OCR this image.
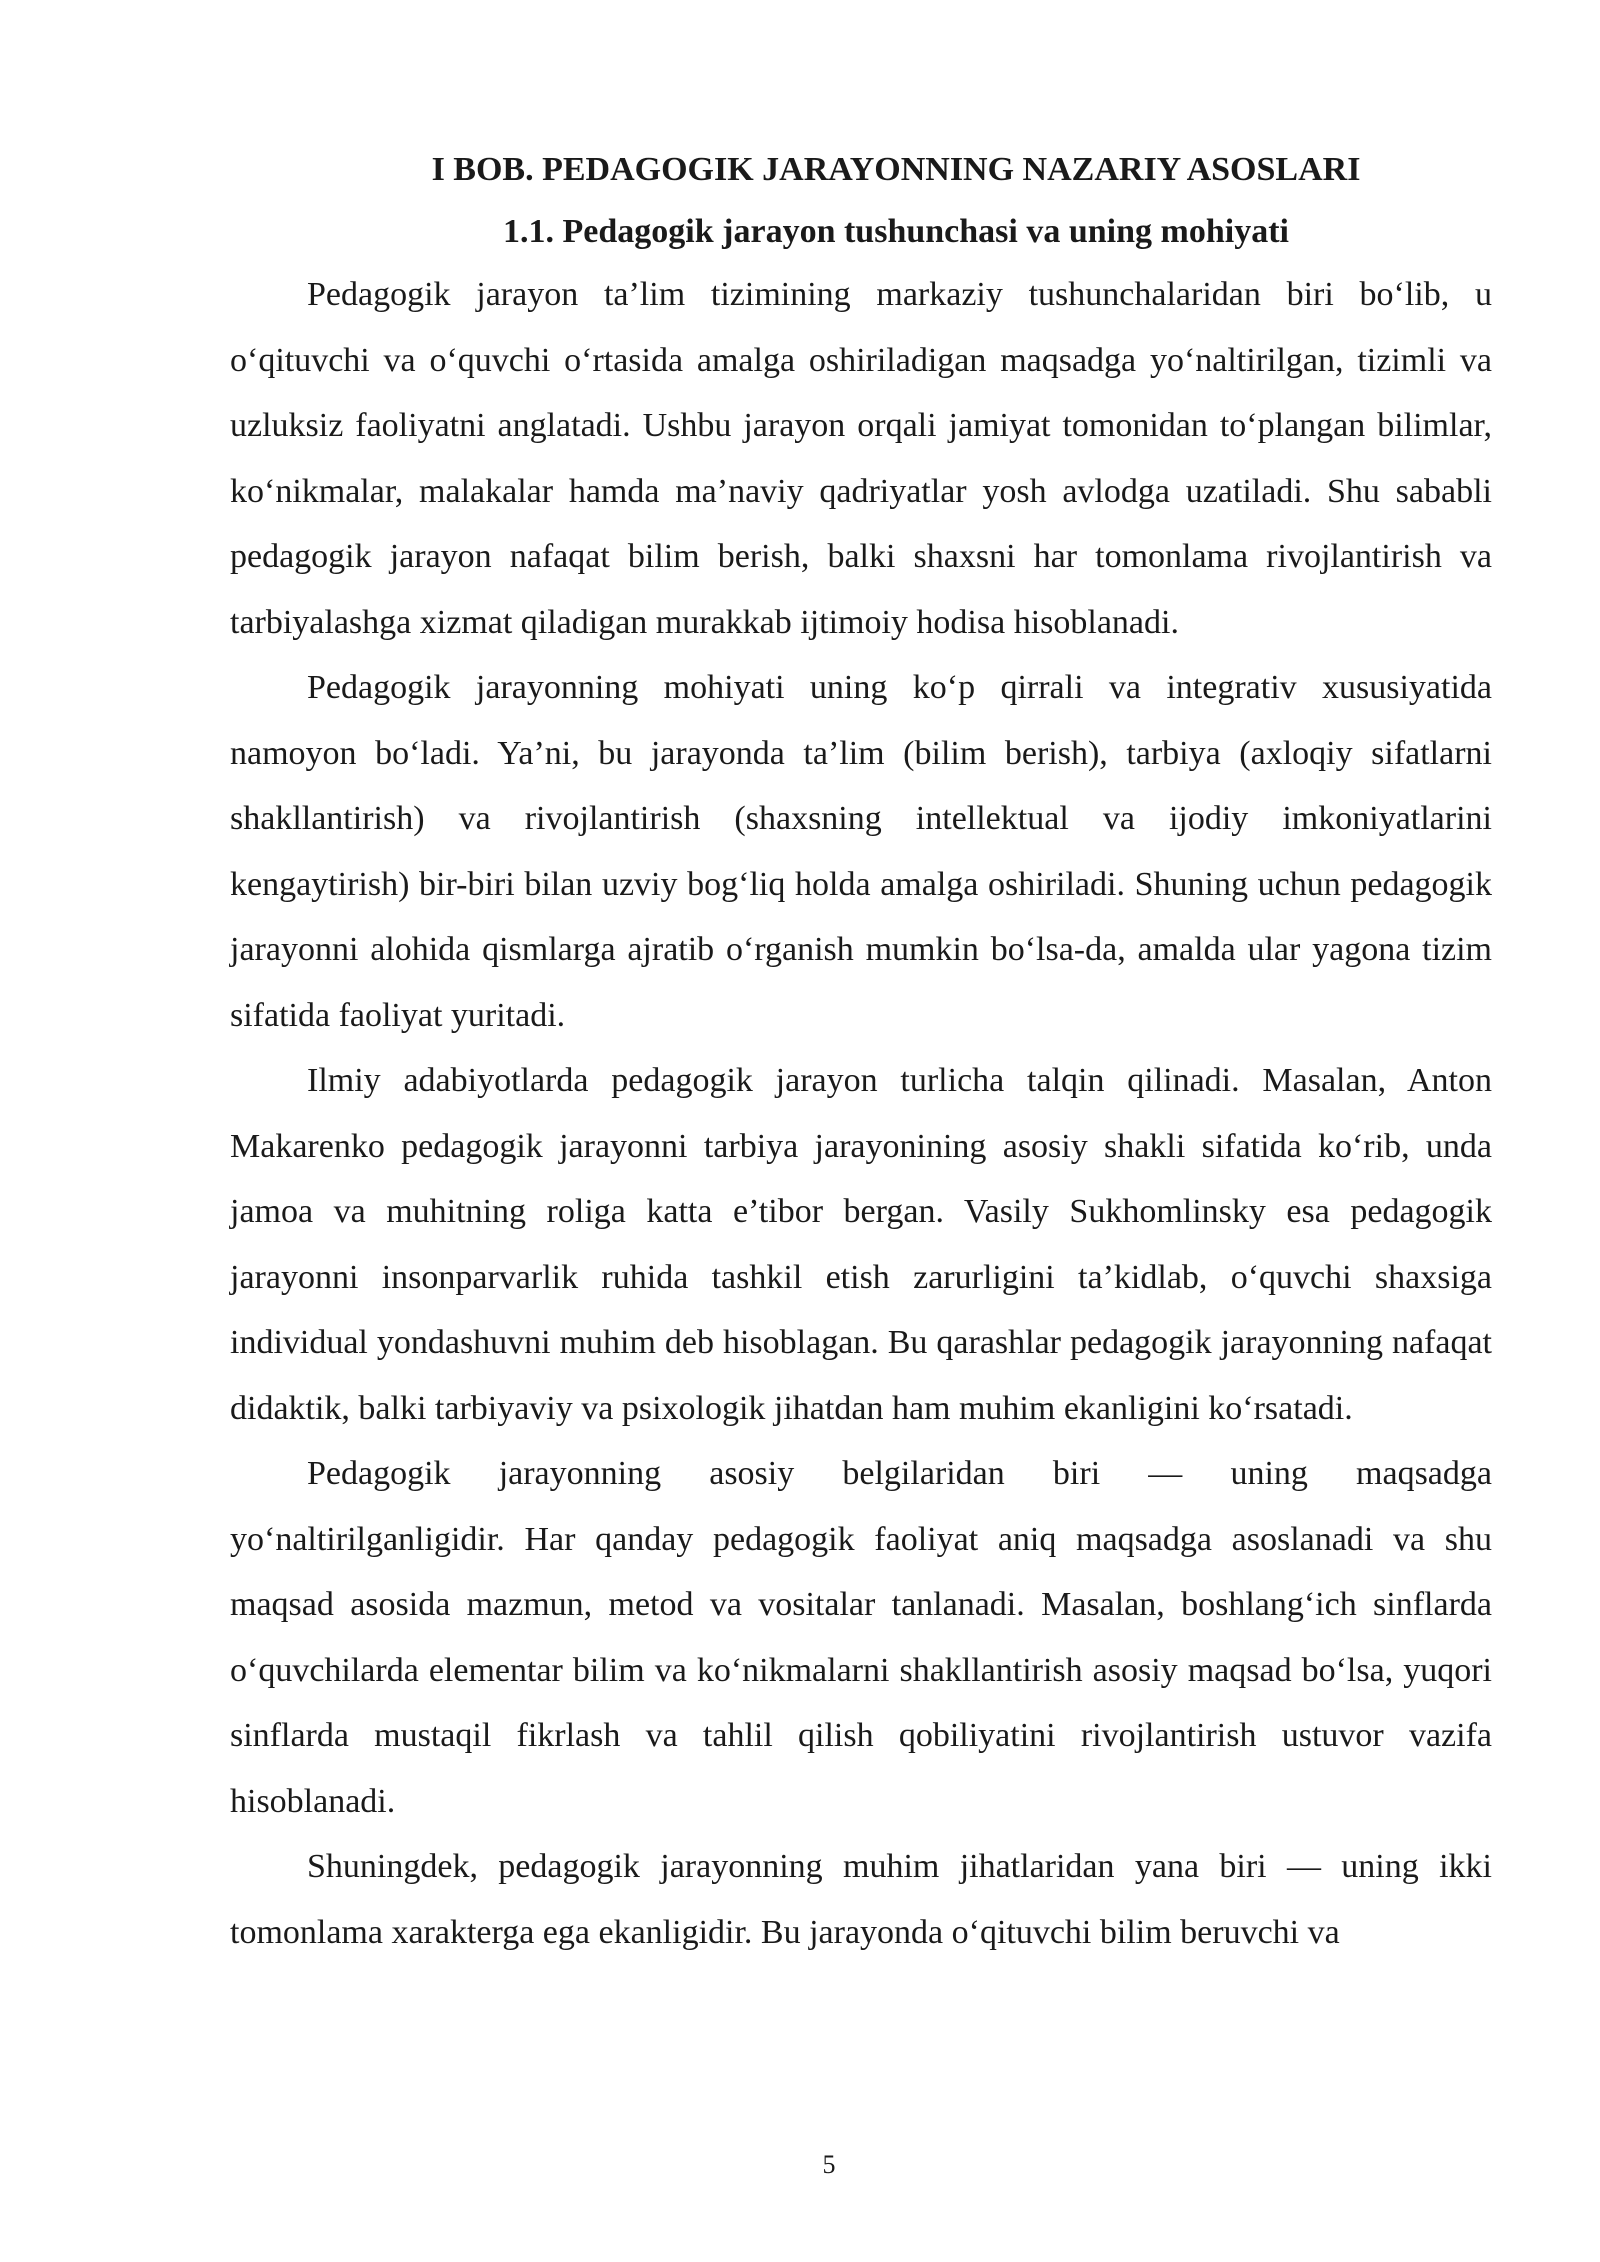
I BOB. PEDAGOGIK JARAYONNING NAZARIY ASOSLARI
1.1. Pedagogik jarayon tushunchasi va uning mohiyati

Pedagogik jarayon ta’lim tizimining markaziy tushunchalaridan biri bo‘lib, u o‘qituvchi va o‘quvchi o‘rtasida amalga oshiriladigan maqsadga yo‘naltirilgan, tizimli va uzluksiz faoliyatni anglatadi. Ushbu jarayon orqali jamiyat tomonidan to‘plangan bilimlar, ko‘nikmalar, malakalar hamda ma’naviy qadriyatlar yosh avlodga uzatiladi. Shu sababli pedagogik jarayon nafaqat bilim berish, balki shaxsni har tomonlama rivojlantirish va tarbiyalashga xizmat qiladigan murakkab ijtimoiy hodisa hisoblanadi.

Pedagogik jarayonning mohiyati uning ko‘p qirrali va integrativ xususiyatida namoyon bo‘ladi. Ya’ni, bu jarayonda ta’lim (bilim berish), tarbiya (axloqiy sifatlarni shakllantirish) va rivojlantirish (shaxsning intellektual va ijodiy imkoniyatlarini kengaytirish) bir-biri bilan uzviy bog‘liq holda amalga oshiriladi. Shuning uchun pedagogik jarayonni alohida qismlarga ajratib o‘rganish mumkin bo‘lsa-da, amalda ular yagona tizim sifatida faoliyat yuritadi.

Ilmiy adabiyotlarda pedagogik jarayon turlicha talqin qilinadi. Masalan, Anton Makarenko pedagogik jarayonni tarbiya jarayonining asosiy shakli sifatida ko‘rib, unda jamoa va muhitning roliga katta e’tibor bergan. Vasily Sukhomlinsky esa pedagogik jarayonni insonparvarlik ruhida tashkil etish zarurligini ta’kidlab, o‘quvchi shaxsiga individual yondashuvni muhim deb hisoblagan. Bu qarashlar pedagogik jarayonning nafaqat didaktik, balki tarbiyaviy va psixologik jihatdan ham muhim ekanligini ko‘rsatadi.

Pedagogik jarayonning asosiy belgilaridan biri — uning maqsadga yo‘naltirilganligidir. Har qanday pedagogik faoliyat aniq maqsadga asoslanadi va shu maqsad asosida mazmun, metod va vositalar tanlanadi. Masalan, boshlang‘ich sinflarda o‘quvchilarda elementar bilim va ko‘nikmalarni shakllantirish asosiy maqsad bo‘lsa, yuqori sinflarda mustaqil fikrlash va tahlil qilish qobiliyatini rivojlantirish ustuvor vazifa hisoblanadi.

Shuningdek, pedagogik jarayonning muhim jihatlaridan yana biri — uning ikki tomonlama xarakterga ega ekanligidir. Bu jarayonda o‘qituvchi bilim beruvchi va

5
